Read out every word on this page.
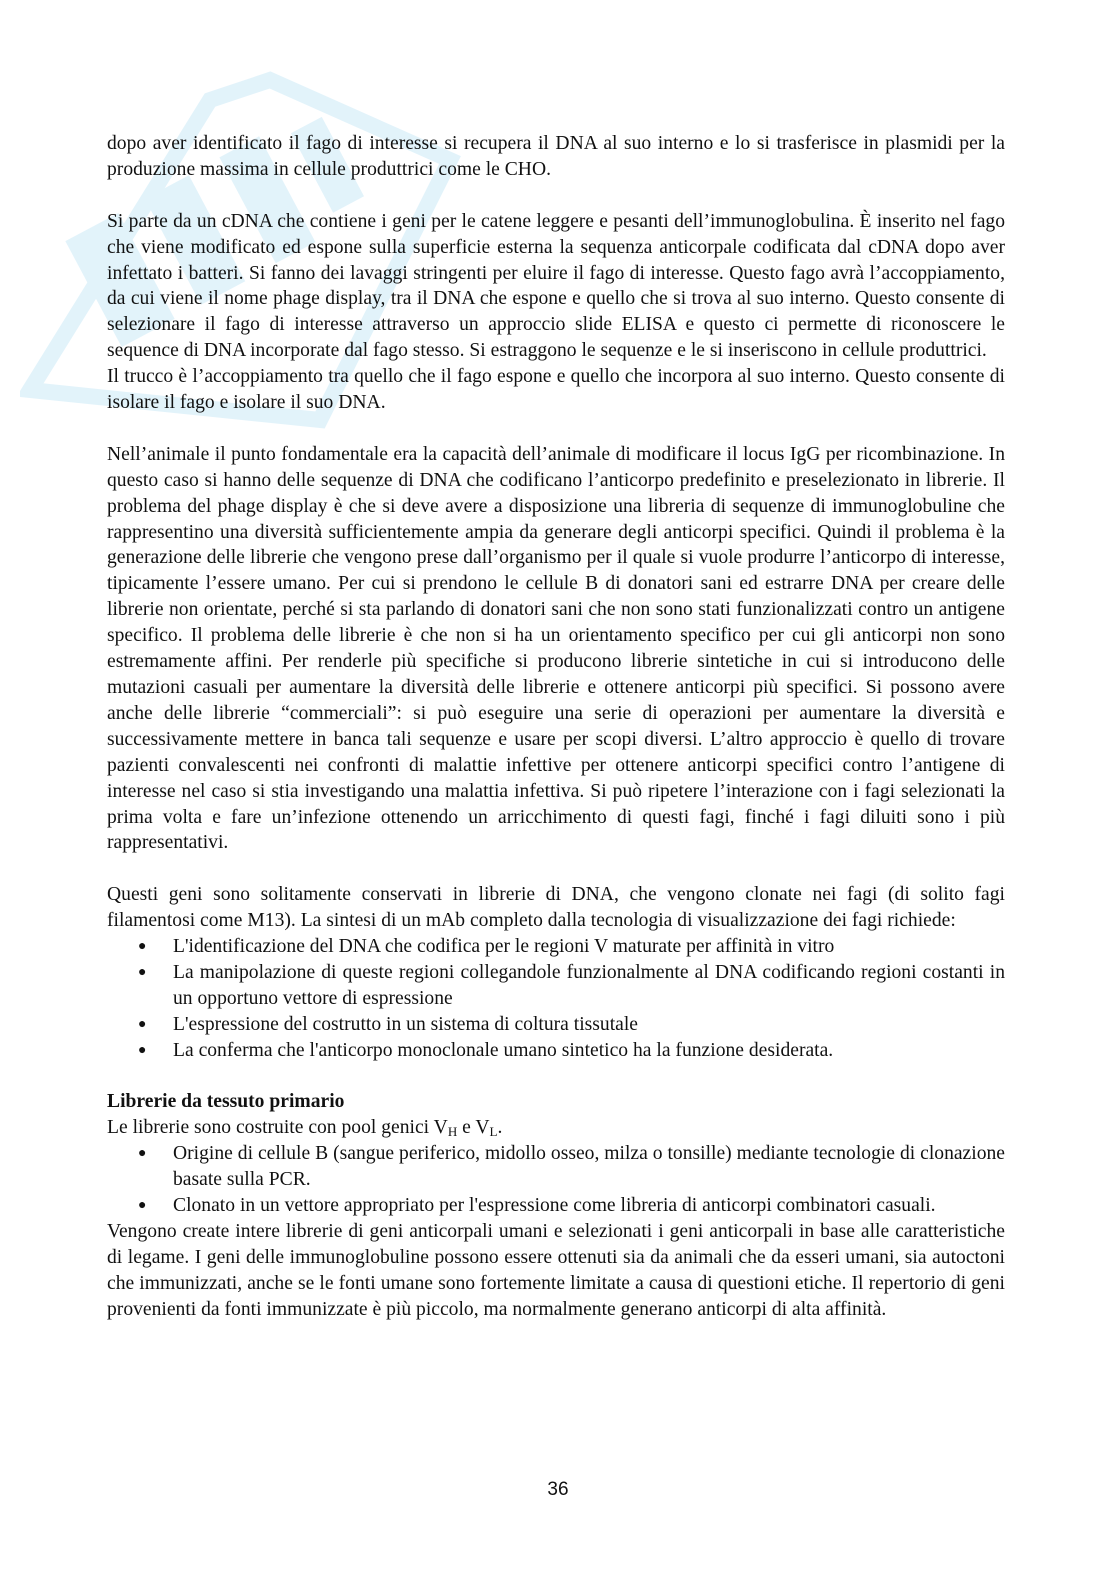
dopo aver identificato il fago di interesse si recupera il DNA al suo interno e lo si trasferisce in plasmidi per la produzione massima in cellule produttrici come le CHO.

Si parte da un cDNA che contiene i geni per le catene leggere e pesanti dell’immunoglobulina. È inserito nel fago che viene modificato ed espone sulla superficie esterna la sequenza anticorpale codificata dal cDNA dopo aver infettato i batteri. Si fanno dei lavaggi stringenti per eluire il fago di interesse. Questo fago avrà l’accoppiamento, da cui viene il nome phage display, tra il DNA che espone e quello che si trova al suo interno. Questo consente di selezionare il fago di interesse attraverso un approccio slide ELISA e questo ci permette di riconoscere le sequence di DNA incorporate dal fago stesso. Si estraggono le sequenze e le si inseriscono in cellule produttrici.

Il trucco è l’accoppiamento tra quello che il fago espone e quello che incorpora al suo interno. Questo consente di isolare il fago e isolare il suo DNA.

Nell’animale il punto fondamentale era la capacità dell’animale di modificare il locus IgG per ricombinazione. In questo caso si hanno delle sequenze di DNA che codificano l’anticorpo predefinito e preselezionato in librerie. Il problema del phage display è che si deve avere a disposizione una libreria di sequenze di immunoglobuline che rappresentino una diversità sufficientemente ampia da generare degli anticorpi specifici. Quindi il problema è la generazione delle librerie che vengono prese dall’organismo per il quale si vuole produrre l’anticorpo di interesse, tipicamente l’essere umano. Per cui si prendono le cellule B di donatori sani ed estrarre DNA per creare delle librerie non orientate, perché si sta parlando di donatori sani che non sono stati funzionalizzati contro un antigene specifico. Il problema delle librerie è che non si ha un orientamento specifico per cui gli anticorpi non sono estremamente affini. Per renderle più specifiche si producono librerie sintetiche in cui si introducono delle mutazioni casuali per aumentare la diversità delle librerie e ottenere anticorpi più specifici. Si possono avere anche delle librerie “commerciali”: si può eseguire una serie di operazioni per aumentare la diversità e successivamente mettere in banca tali sequenze e usare per scopi diversi. L’altro approccio è quello di trovare pazienti convalescenti nei confronti di malattie infettive per ottenere anticorpi specifici contro l’antigene di interesse nel caso si stia investigando una malattia infettiva. Si può ripetere l’interazione con i fagi selezionati la prima volta e fare un’infezione ottenendo un arricchimento di questi fagi, finché i fagi diluiti sono i più rappresentativi.

Questi geni sono solitamente conservati in librerie di DNA, che vengono clonate nei fagi (di solito fagi filamentosi come M13). La sintesi di un mAb completo dalla tecnologia di visualizzazione dei fagi richiede:

● L'identificazione del DNA che codifica per le regioni V maturate per affinità in vitro
● La manipolazione di queste regioni collegandole funzionalmente al DNA codificando regioni costanti in un opportuno vettore di espressione
● L'espressione del costrutto in un sistema di coltura tissutale
● La conferma che l'anticorpo monoclonale umano sintetico ha la funzione desiderata.

Librerie da tessuto primario

Le librerie sono costruite con pool genici $V_H$ e $V_L$.

● Origine di cellule B (sangue periferico, midollo osseo, milza o tonsille) mediante tecnologie di clonazione basate sulla PCR.
● Clonato in un vettore appropriato per l'espressione come libreria di anticorpi combinatori casuali.

Vengono create intere librerie di geni anticorpali umani e selezionati i geni anticorpali in base alle caratteristiche di legame. I geni delle immunoglobuline possono essere ottenuti sia da animali che da esseri umani, sia autoctoni che immunizzati, anche se le fonti umane sono fortemente limitate a causa di questioni etiche. Il repertorio di geni provenienti da fonti immunizzate è più piccolo, ma normalmente generano anticorpi di alta affinità.

36
